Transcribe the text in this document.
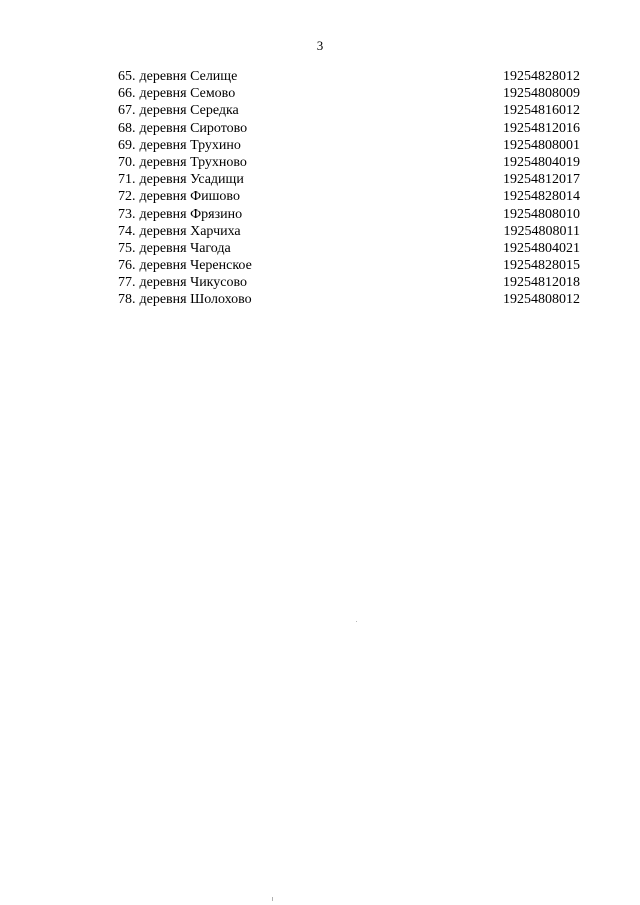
3
65. деревня Селище	19254828012
66. деревня Семово	19254808009
67. деревня Середка	19254816012
68. деревня Сиротово	19254812016
69. деревня Трухино	19254808001
70. деревня Трухново	19254804019
71. деревня Усадищи	19254812017
72. деревня Фишово	19254828014
73. деревня Фрязино	19254808010
74. деревня Харчиха	19254808011
75. деревня Чагода	19254804021
76. деревня Черенское	19254828015
77. деревня Чикусово	19254812018
78. деревня Шолохово	19254808012
